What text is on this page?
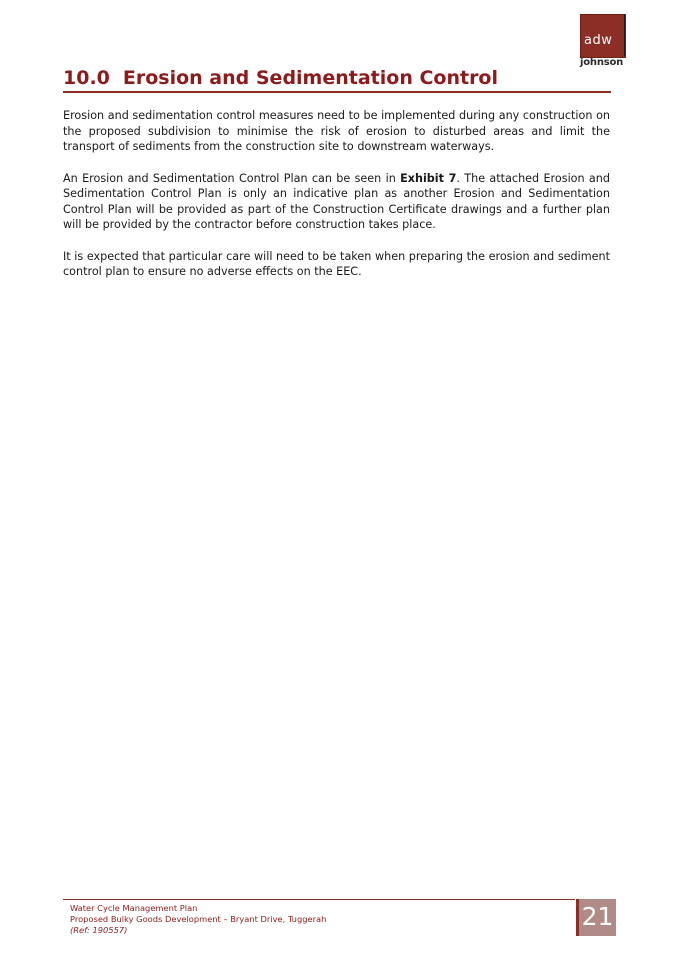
adw
johnson
10.0 Erosion and Sedimentation Control

Erosion and sedimentation control measures need to be implemented during any construction on the proposed subdivision to minimise the risk of erosion to disturbed areas and limit the transport of sediments from the construction site to downstream waterways.

An Erosion and Sedimentation Control Plan can be seen in Exhibit 7. The attached Erosion and Sedimentation Control Plan is only an indicative plan as another Erosion and Sedimentation Control Plan will be provided as part of the Construction Certificate drawings and a further plan will be provided by the contractor before construction takes place.

It is expected that particular care will need to be taken when preparing the erosion and sediment control plan to ensure no adverse effects on the EEC.

Water Cycle Management Plan
Proposed Bulky Goods Development – Bryant Drive, Tuggerah
(Ref: 190557)	21
